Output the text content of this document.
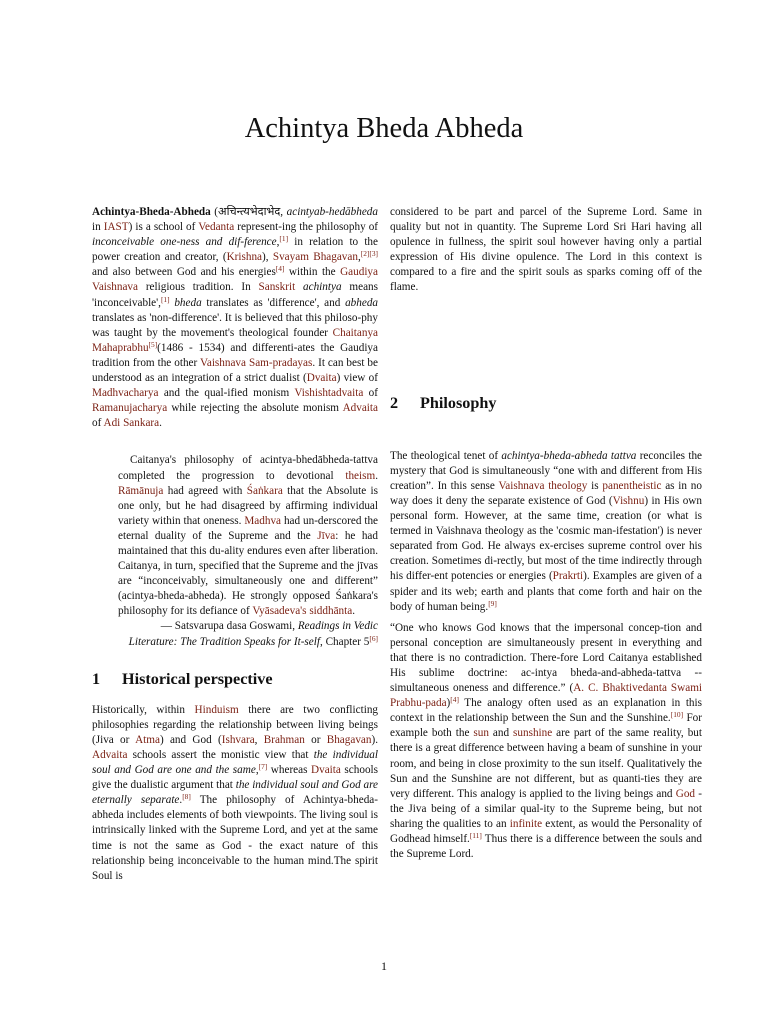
Achintya Bheda Abheda

Achintya-Bheda-Abheda (अचिन्त्यभेदाभेद, acintyab-hedābheda in IAST) is a school of Vedanta represent-ing the philosophy of inconceivable one-ness and dif-ference,[1] in relation to the power creation and creator, (Krishna), Svayam Bhagavan,[2][3] and also between God and his energies[4] within the Gaudiya Vaishnava religious tradition. In Sanskrit achintya means 'inconceivable',[1] bheda translates as 'difference', and abheda translates as 'non-difference'. It is believed that this philoso-phy was taught by the movement's theological founder Chaitanya Mahaprabhu[5](1486 - 1534) and differenti-ates the Gaudiya tradition from the other Vaishnava Sam-pradayas. It can best be understood as an integration of a strict dualist (Dvaita) view of Madhvacharya and the qual-ified monism Vishishtadvaita of Ramanujacharya while rejecting the absolute monism Advaita of Adi Sankara.

Caitanya's philosophy of acintya-bhedābheda-tattva completed the progression to devotional theism. Rāmānuja had agreed with Śaṅkara that the Absolute is one only, but he had disagreed by affirming individual variety within that oneness. Madhva had un-derscored the eternal duality of the Supreme and the Jīva: he had maintained that this du-ality endures even after liberation. Caitanya, in turn, specified that the Supreme and the jīvas are “inconceivably, simultaneously one and different” (acintya-bheda-abheda). He strongly opposed Śaṅkara's philosophy for its defiance of Vyāsadeva's siddhānta.

— Satsvarupa dasa Goswami, Readings in Vedic Literature: The Tradition Speaks for It-self, Chapter 5[6]

1	Historical perspective

Historically, within Hinduism there are two conflicting philosophies regarding the relationship between living beings (Jiva or Atma) and God (Ishvara, Brahman or Bhagavan). Advaita schools assert the monistic view that the individual soul and God are one and the same,[7] whereas Dvaita schools give the dualistic argument that the individual soul and God are eternally separate.[8] The philosophy of Achintya-bheda-abheda includes elements of both viewpoints. The living soul is intrinsically linked with the Supreme Lord, and yet at the same time is not the same as God - the exact nature of this relationship being inconceivable to the human mind.The spirit Soul is

considered to be part and parcel of the Supreme Lord. Same in quality but not in quantity. The Supreme Lord Sri Hari having all opulence in fullness, the spirit soul however having only a partial expression of His divine opulence. The Lord in this context is compared to a fire and the spirit souls as sparks coming off of the flame.

2	Philosophy

The theological tenet of achintya-bheda-abheda tattva reconciles the mystery that God is simultaneously “one with and different from His creation”. In this sense Vaishnava theology is panentheistic as in no way does it deny the separate existence of God (Vishnu) in His own personal form. However, at the same time, creation (or what is termed in Vaishnava theology as the 'cosmic man-ifestation') is never separated from God. He always ex-ercises supreme control over his creation. Sometimes di-rectly, but most of the time indirectly through his differ-ent potencies or energies (Prakrti). Examples are given of a spider and its web; earth and plants that come forth and hair on the body of human being.[9]

“One who knows God knows that the impersonal concep-tion and personal conception are simultaneously present in everything and that there is no contradiction. There-fore Lord Caitanya established His sublime doctrine: ac-intya bheda-and-abheda-tattva -- simultaneous oneness and difference.” (A. C. Bhaktivedanta Swami Prabhu-pada)[4] The analogy often used as an explanation in this context in the relationship between the Sun and the Sunshine.[10] For example both the sun and sunshine are part of the same reality, but there is a great difference between having a beam of sunshine in your room, and being in close proximity to the sun itself. Qualitatively the Sun and the Sunshine are not different, but as quanti-ties they are very different. This analogy is applied to the living beings and God - the Jiva being of a similar qual-ity to the Supreme being, but not sharing the qualities to an infinite extent, as would the Personality of Godhead himself.[11] Thus there is a difference between the souls and the Supreme Lord.

1
